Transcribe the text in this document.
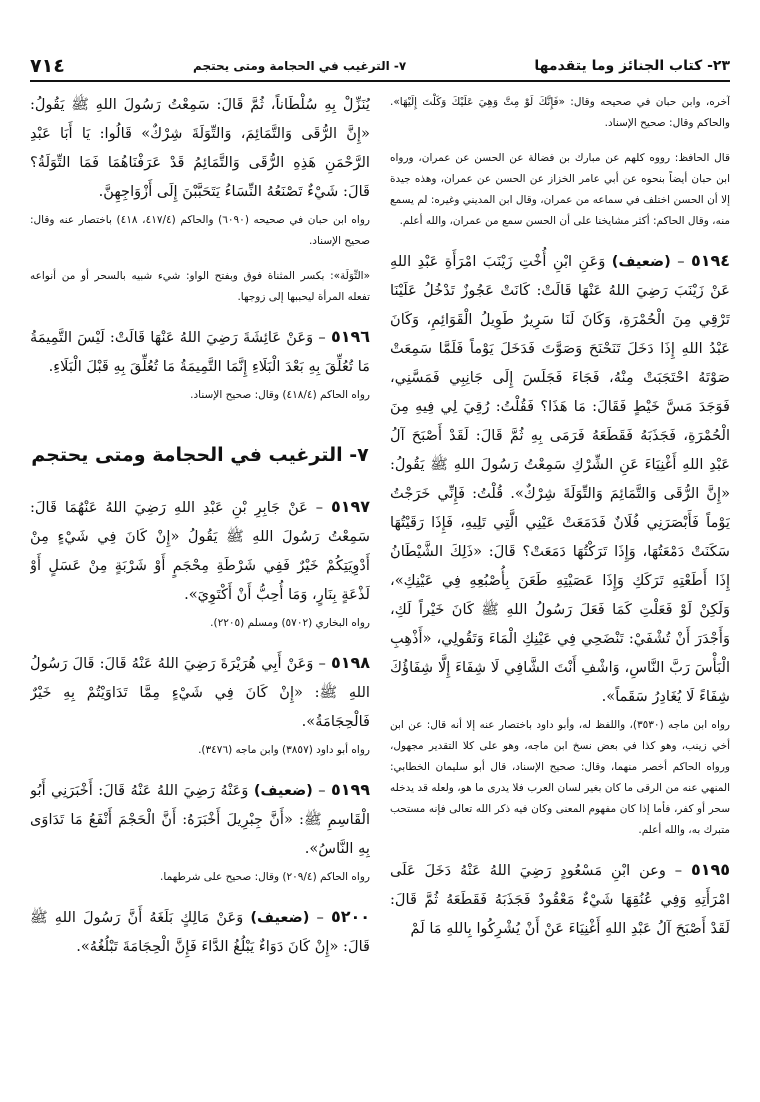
٢٣- كتاب الجنائز وما يتقدمها
٧- الترغيب في الحجامة ومتى يحتجم
٧١٤

آخره، وابن حبان في صحيحه وقال: «فَإِنَّكَ لَوْ مِتَّ وَهِيَ عَلَيْكَ وَكَلْتَ إِلَيْهَا». والحاكم وقال: صحيح الإسناد.

قال الحافظ: رووه كلهم عن مبارك بن فضالة عن الحسن عن عمران، ورواه ابن حبان أيضاً بنحوه عن أبي عامر الخزاز عن الحسن عن عمران، وهذه جيدة إلا أن الحسن اختلف في سماعه من عمران، وقال ابن المديني وغيره: لم يسمع منه، وقال الحاكم: أكثر مشايخنا على أن الحسن سمع من عمران، والله أعلم.

٥١٩٤ – (ضعيف) وَعَنِ ابْنِ أُخْتِ زَيْنَبَ امْرَأَةِ عَبْدِ اللهِ عَنْ زَيْنَبَ رَضِيَ اللهُ عَنْهَا قَالَتْ: كَانَتْ عَجُوزٌ تَدْخُلُ عَلَيْنَا تَرْقِي مِنَ الْحُمْرَةِ، وَكَانَ لَنَا سَرِيرٌ طَوِيلُ الْقَوَائِمِ، وَكَانَ عَبْدُ اللهِ إِذَا دَخَلَ تَنَحْنَحَ وَصَوَّتَ فَدَخَلَ يَوْماً فَلَمَّا سَمِعَتْ صَوْتَهُ احْتَجَبَتْ مِنْهُ، فَجَاءَ فَجَلَسَ إِلَى جَانِبِي فَمَسَّنِي، فَوَجَدَ مَسَّ خَيْطٍ فَقَالَ: مَا هَذَا؟ فَقُلْتُ: رُقِيَ لِي فِيهِ مِنَ الْحُمْرَةِ، فَجَذَبَهُ فَقَطَعَهُ فَرَمَى بِهِ ثُمَّ قَالَ: لَقَدْ أَصْبَحَ آلُ عَبْدِ اللهِ أَغْنِيَاءَ عَنِ الشِّرْكِ سَمِعْتُ رَسُولَ اللهِ ﷺ يَقُولُ: «إِنَّ الرُّقَى وَالتَّمَائِمَ وَالتِّوَلَةَ شِرْكٌ». قُلْتُ: فَإِنِّي خَرَجْتُ يَوْماً فَأَبْصَرَنِي فُلَانٌ فَدَمَعَتْ عَيْنِي الَّتِي تَلِيهِ، فَإِذَا رَقَيْتُهَا سَكَنَتْ دَمْعَتُهَا، وَإِذَا تَرَكْتُهَا دَمَعَتْ؟ قَالَ: «ذَلِكَ الشَّيْطَانُ إِذَا أَطَعْتِهِ تَرَكَكِ وَإِذَا عَصَيْتِهِ طَعَنَ بِأُصْبُعِهِ فِي عَيْنِكِ»، وَلَكِنْ لَوْ فَعَلْتِ كَمَا فَعَلَ رَسُولُ اللهِ ﷺ كَانَ خَيْراً لَكِ، وَأَجْدَرَ أَنْ تُشْفَيْ: تَنْضَحِي فِي عَيْنِكِ الْمَاءَ وَتَقُولِي، «أَذْهِبِ الْبَأْسَ رَبَّ النَّاسِ، وَاشْفِ أَنْتَ الشَّافِي لَا شِفَاءَ إِلَّا شِفَاؤُكَ شِفَاءً لَا يُغَادِرُ سَقَماً».

رواه ابن ماجه (٣٥٣٠)، واللفظ له، وأبو داود باختصار عنه إلا أنه قال: عن ابن أخي زينب، وهو كذا في بعض نسخ ابن ماجه، وهو على كلا التقدير مجهول، ورواه الحاكم أخصر منهما، وقال: صحيح الإسناد، قال أبو سليمان الخطابي: المنهي عنه من الرقى ما كان بغير لسان العرب فلا يدرى ما هو، ولعله قد يدخله سحر أو كفر، فأما إذا كان مفهوم المعنى وكان فيه ذكر الله تعالى فإنه مستحب متبرك به، والله أعلم.

٥١٩٥ – وعن ابْنِ مَسْعُودٍ رَضِيَ اللهُ عَنْهُ دَخَلَ عَلَى امْرَأَتِهِ وَفِي عُنُقِهَا شَيْءٌ مَعْقُودٌ فَجَذَبَهُ فَقَطَعَهُ ثُمَّ قَالَ: لَقَدْ أَصْبَحَ آلُ عَبْدِ اللهِ أَغْنِيَاءَ عَنْ أَنْ يُشْرِكُوا بِاللهِ مَا لَمْ

يُنَزِّلْ بِهِ سُلْطَاناً، ثُمَّ قَالَ: سَمِعْتُ رَسُولَ اللهِ ﷺ يَقُولُ: «إِنَّ الرُّقَى وَالتَّمَائِمَ، وَالتِّوَلَةَ شِرْكٌ» قَالُوا: يَا أَبَا عَبْدِ الرَّحْمَنِ هَذِهِ الرُّقَى وَالتَّمَائِمُ قَدْ عَرَفْنَاهُمَا فَمَا التِّوَلَةُ؟ قَالَ: شَيْءٌ تَصْنَعُهُ النِّسَاءُ يَتَحَبَّبْنَ إِلَى أَزْوَاجِهِنَّ.

رواه ابن حبان في صحيحه (٦٠٩٠) والحاكم (٤١٧/٤، ٤١٨) باختصار عنه وقال: صحيح الإسناد.

«التِّوَلَة»: بكسر المثناة فوق وبفتح الواو: شيء شبيه بالسحر أو من أنواعه تفعله المرأة ليحببها إلى زوجها.

٥١٩٦ – وَعَنْ عَائِشَةَ رَضِيَ اللهُ عَنْهَا قَالَتْ: لَيْسَ التَّمِيمَةُ مَا تُعُلِّقَ بِهِ بَعْدَ الْبَلَاءِ إِنَّمَا التَّمِيمَةُ مَا تُعُلِّقَ بِهِ قَبْلَ الْبَلَاءِ.

رواه الحاكم (٤١٨/٤) وقال: صحيح الإسناد.

٧- الترغيب في الحجامة ومتى يحتجم

٥١٩٧ – عَنْ جَابِرِ بْنِ عَبْدِ اللهِ رَضِيَ اللهُ عَنْهُمَا قَالَ: سَمِعْتُ رَسُولَ اللهِ ﷺ يَقُولُ «إِنْ كَانَ فِي شَيْءٍ مِنْ أَدْوِيَتِكُمْ خَيْرٌ فَفِي شَرْطَةِ مِحْجَمٍ أَوْ شَرْبَةٍ مِنْ عَسَلٍ أَوْ لَذْعَةٍ بِنَارٍ، وَمَا أُحِبُّ أَنْ أَكْتَوِيَ».

رواه البخاري (٥٧٠٢) ومسلم (٢٢٠٥).

٥١٩٨ – وَعَنْ أَبِي هُرَيْرَةَ رَضِيَ اللهُ عَنْهُ قَالَ: قَالَ رَسُولُ اللهِ ﷺ: «إِنْ كَانَ فِي شَيْءٍ مِمَّا تَدَاوَيْتُمْ بِهِ خَيْرٌ فَالْحِجَامَةُ».

رواه أبو داود (٣٨٥٧) وابن ماجه (٣٤٧٦).

٥١٩٩ – (ضعيف) وَعَنْهُ رَضِيَ اللهُ عَنْهُ قَالَ: أَخْبَرَنِي أَبُو الْقَاسِمِ ﷺ: «أَنَّ جِبْرِيلَ أَخْبَرَهُ: أَنَّ الْحَجْمَ أَنْفَعُ مَا تَدَاوَى بِهِ النَّاسُ».

رواه الحاكم (٢٠٩/٤) وقال: صحيح على شرطهما.

٥٢٠٠ – (ضعيف) وَعَنْ مَالِكٍ بَلَغَهُ أَنَّ رَسُولَ اللهِ ﷺ قَالَ: «إِنْ كَانَ دَوَاءٌ يَبْلُغُ الدَّاءَ فَإِنَّ الْحِجَامَةَ تَبْلُغُهُ».
